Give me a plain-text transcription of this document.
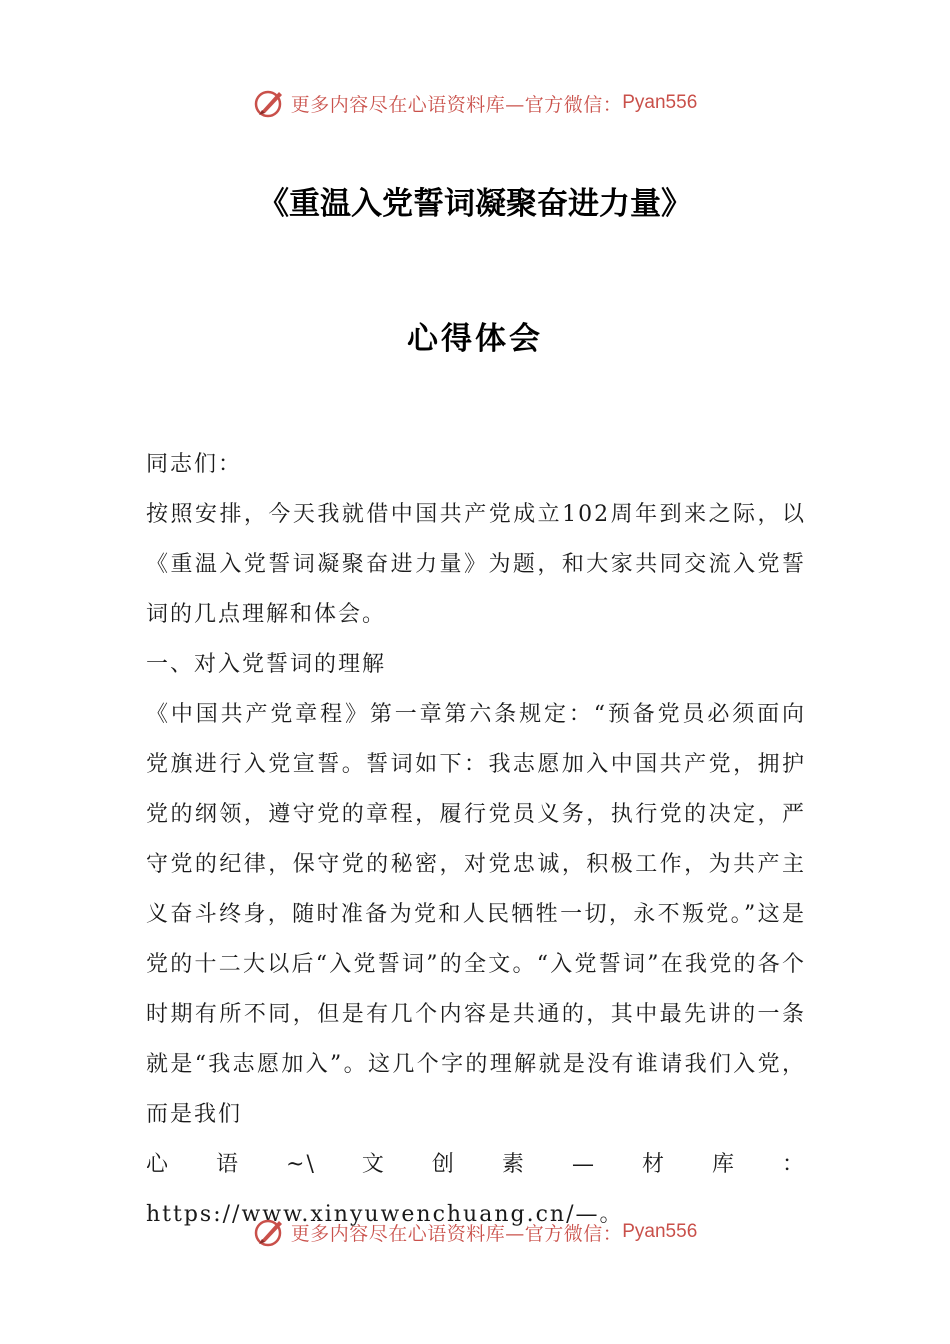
更多内容尽在心语资料库—官方微信： Pyan556
《重温入党誓词凝聚奋进力量》
心得体会

同志们：

按照安排，今天我就借中国共产党成立102周年到来之际，以《重温入党誓词凝聚奋进力量》为题，和大家共同交流入党誓词的几点理解和体会。

一、对入党誓词的理解

《中国共产党章程》第一章第六条规定：“预备党员必须面向党旗进行入党宣誓。誓词如下：我志愿加入中国共产党，拥护党的纲领，遵守党的章程，履行党员义务，执行党的决定，严守党的纪律，保守党的秘密，对党忠诚，积极工作，为共产主义奋斗终身，随时准备为党和人民牺牲一切，永不叛党。”这是党的十二大以后“入党誓词”的全文。“入党誓词”在我党的各个时期有所不同，但是有几个内容是共通的，其中最先讲的一条就是“我志愿加入”。这几个字的理解就是没有谁请我们入党，而是我们

心语~\文创素—材库：https://www.xinyuwenchuang.cn/—。

更多内容尽在心语资料库—官方微信： Pyan556
